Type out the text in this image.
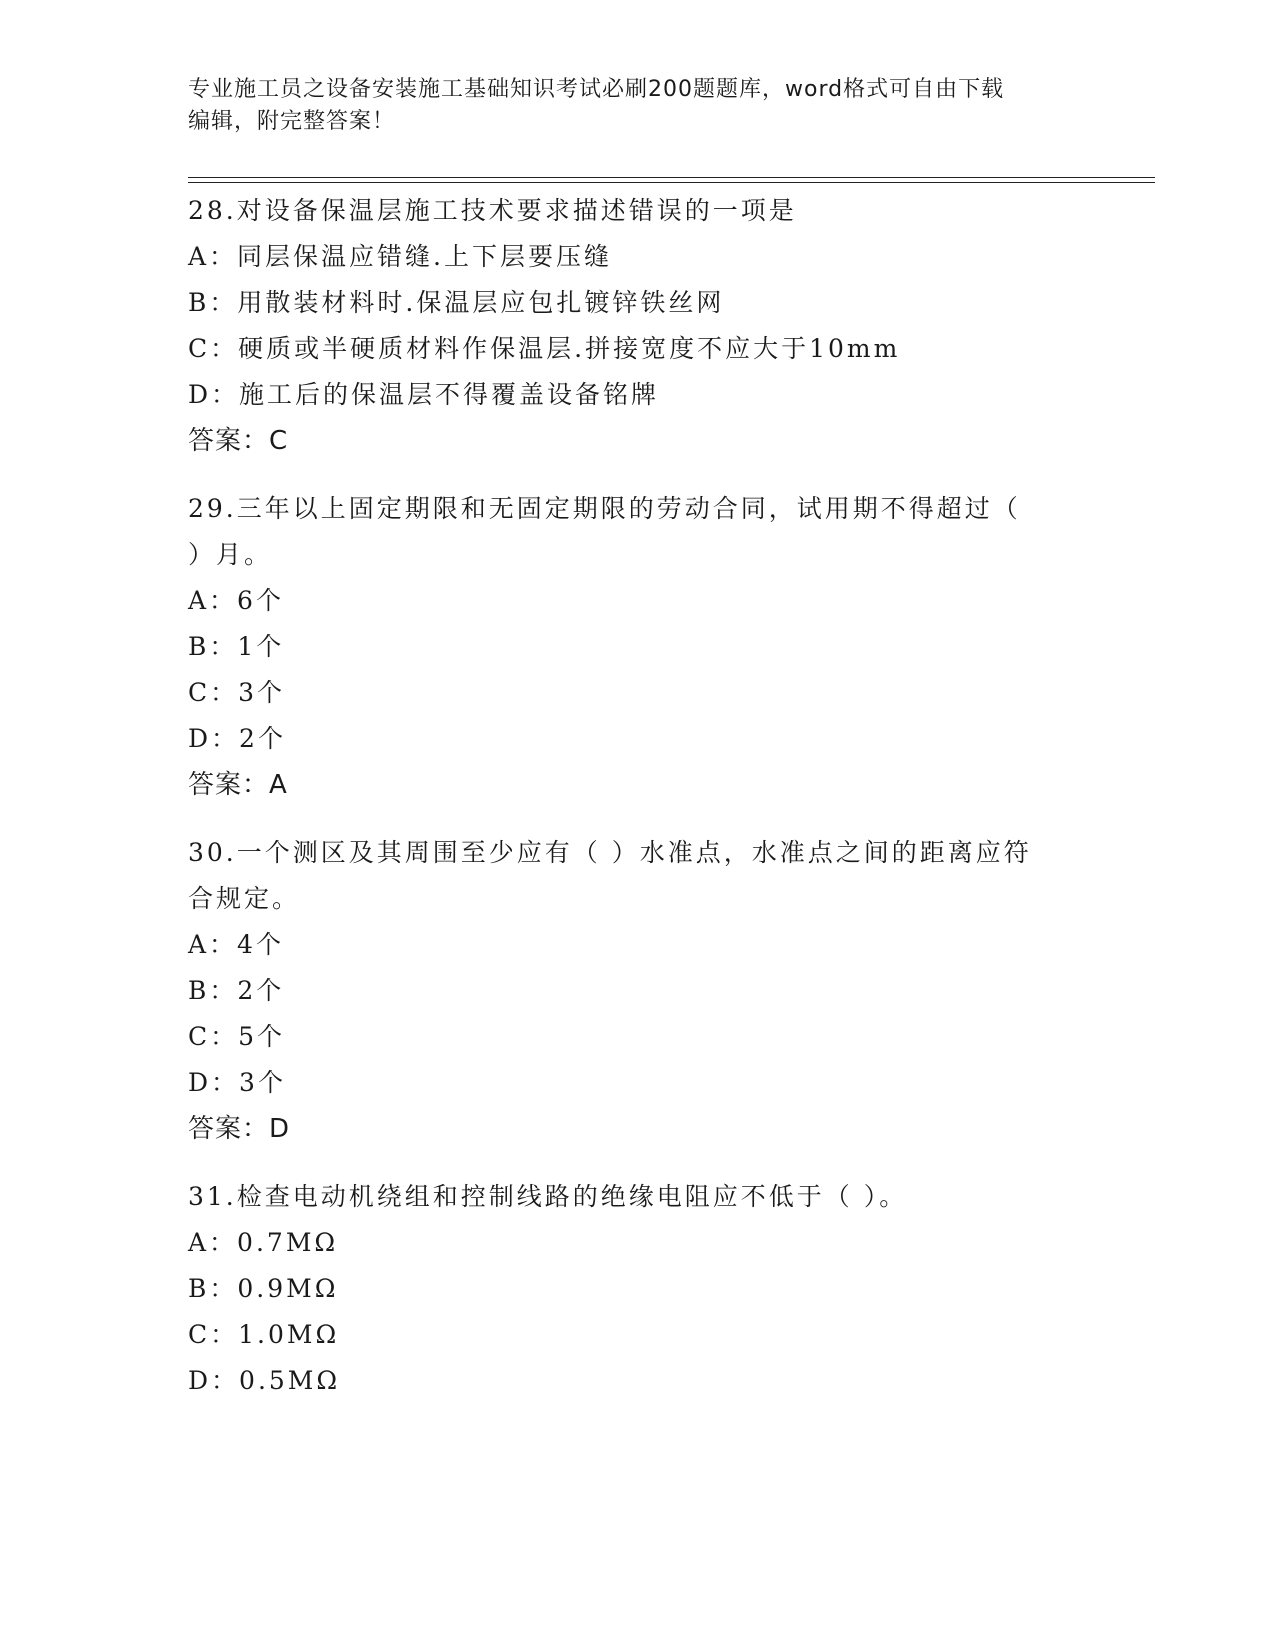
专业施工员之设备安装施工基础知识考试必刷200题题库，word格式可自由下载
编辑，附完整答案！
28.对设备保温层施工技术要求描述错误的一项是
A：同层保温应错缝.上下层要压缝
B：用散装材料时.保温层应包扎镀锌铁丝网
C：硬质或半硬质材料作保温层.拼接宽度不应大于10mm
D：施工后的保温层不得覆盖设备铭牌
答案：C
29.三年以上固定期限和无固定期限的劳动合同，试用期不得超过（
）月。
A：6个
B：1个
C：3个
D：2个
答案：A
30.一个测区及其周围至少应有（ ）水准点，水准点之间的距离应符
合规定。
A：4个
B：2个
C：5个
D：3个
答案：D
31.检查电动机绕组和控制线路的绝缘电阻应不低于（ ）。
A：0.7MΩ
B：0.9MΩ
C：1.0MΩ
D：0.5MΩ
